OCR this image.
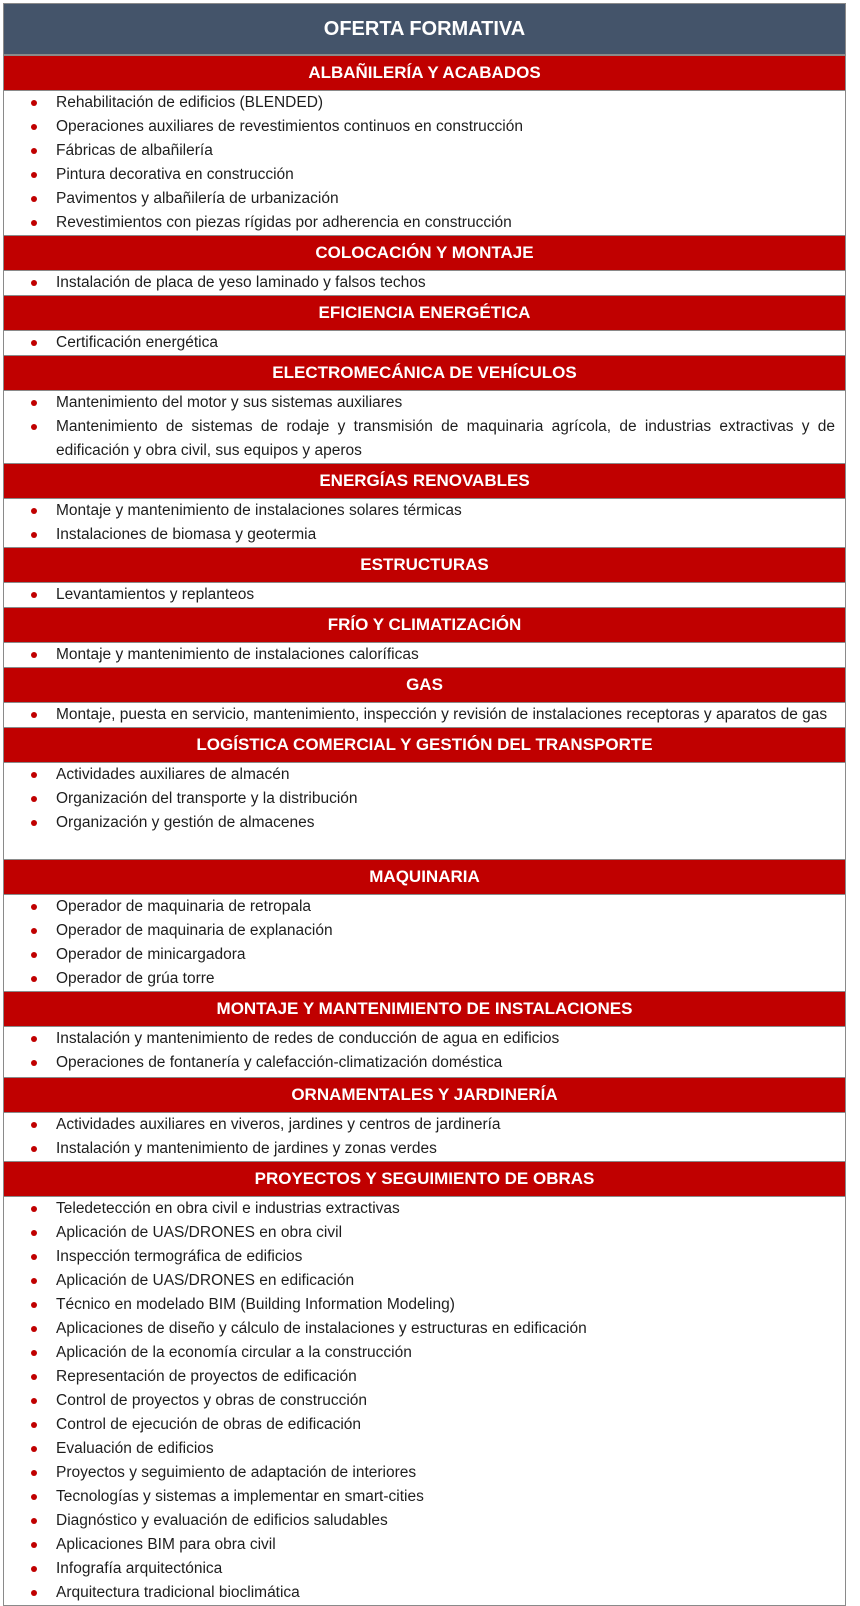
OFERTA FORMATIVA
ALBAÑILERÍA Y ACABADOS
Rehabilitación de edificios (BLENDED)
Operaciones auxiliares de revestimientos continuos en construcción
Fábricas de albañilería
Pintura decorativa en construcción
Pavimentos y albañilería de urbanización
Revestimientos con piezas rígidas por adherencia en construcción
COLOCACIÓN Y MONTAJE
Instalación de placa de yeso laminado y falsos techos
EFICIENCIA ENERGÉTICA
Certificación energética
ELECTROMECÁNICA DE VEHÍCULOS
Mantenimiento del motor y sus sistemas auxiliares
Mantenimiento de sistemas de rodaje y transmisión de maquinaria agrícola, de industrias extractivas y de edificación y obra civil, sus equipos y aperos
ENERGÍAS RENOVABLES
Montaje y mantenimiento de instalaciones solares térmicas
Instalaciones de biomasa y geotermia
ESTRUCTURAS
Levantamientos y replanteos
FRÍO Y CLIMATIZACIÓN
Montaje y mantenimiento de instalaciones caloríficas
GAS
Montaje, puesta en servicio, mantenimiento, inspección y revisión de instalaciones receptoras y aparatos de gas
LOGÍSTICA COMERCIAL Y GESTIÓN DEL TRANSPORTE
Actividades auxiliares de almacén
Organización del transporte y la distribución
Organización y gestión de almacenes
MAQUINARIA
Operador de maquinaria de retropala
Operador de maquinaria de explanación
Operador de minicargadora
Operador de grúa torre
MONTAJE Y MANTENIMIENTO DE INSTALACIONES
Instalación y mantenimiento de redes de conducción de agua en edificios
Operaciones de fontanería y calefacción-climatización doméstica
ORNAMENTALES Y JARDINERÍA
Actividades auxiliares en viveros, jardines y centros de jardinería
Instalación y mantenimiento de jardines y zonas verdes
PROYECTOS Y SEGUIMIENTO DE OBRAS
Teledetección en obra civil e industrias extractivas
Aplicación de UAS/DRONES en obra civil
Inspección termográfica de edificios
Aplicación de UAS/DRONES en edificación
Técnico en modelado BIM (Building Information Modeling)
Aplicaciones de diseño y cálculo de instalaciones y estructuras en edificación
Aplicación de la economía circular a la construcción
Representación de proyectos de edificación
Control de proyectos y obras de construcción
Control de ejecución de obras de edificación
Evaluación de edificios
Proyectos y seguimiento de adaptación de interiores
Tecnologías y sistemas a implementar en smart-cities
Diagnóstico y evaluación de edificios saludables
Aplicaciones BIM para obra civil
Infografía arquitectónica
Arquitectura tradicional bioclimática
